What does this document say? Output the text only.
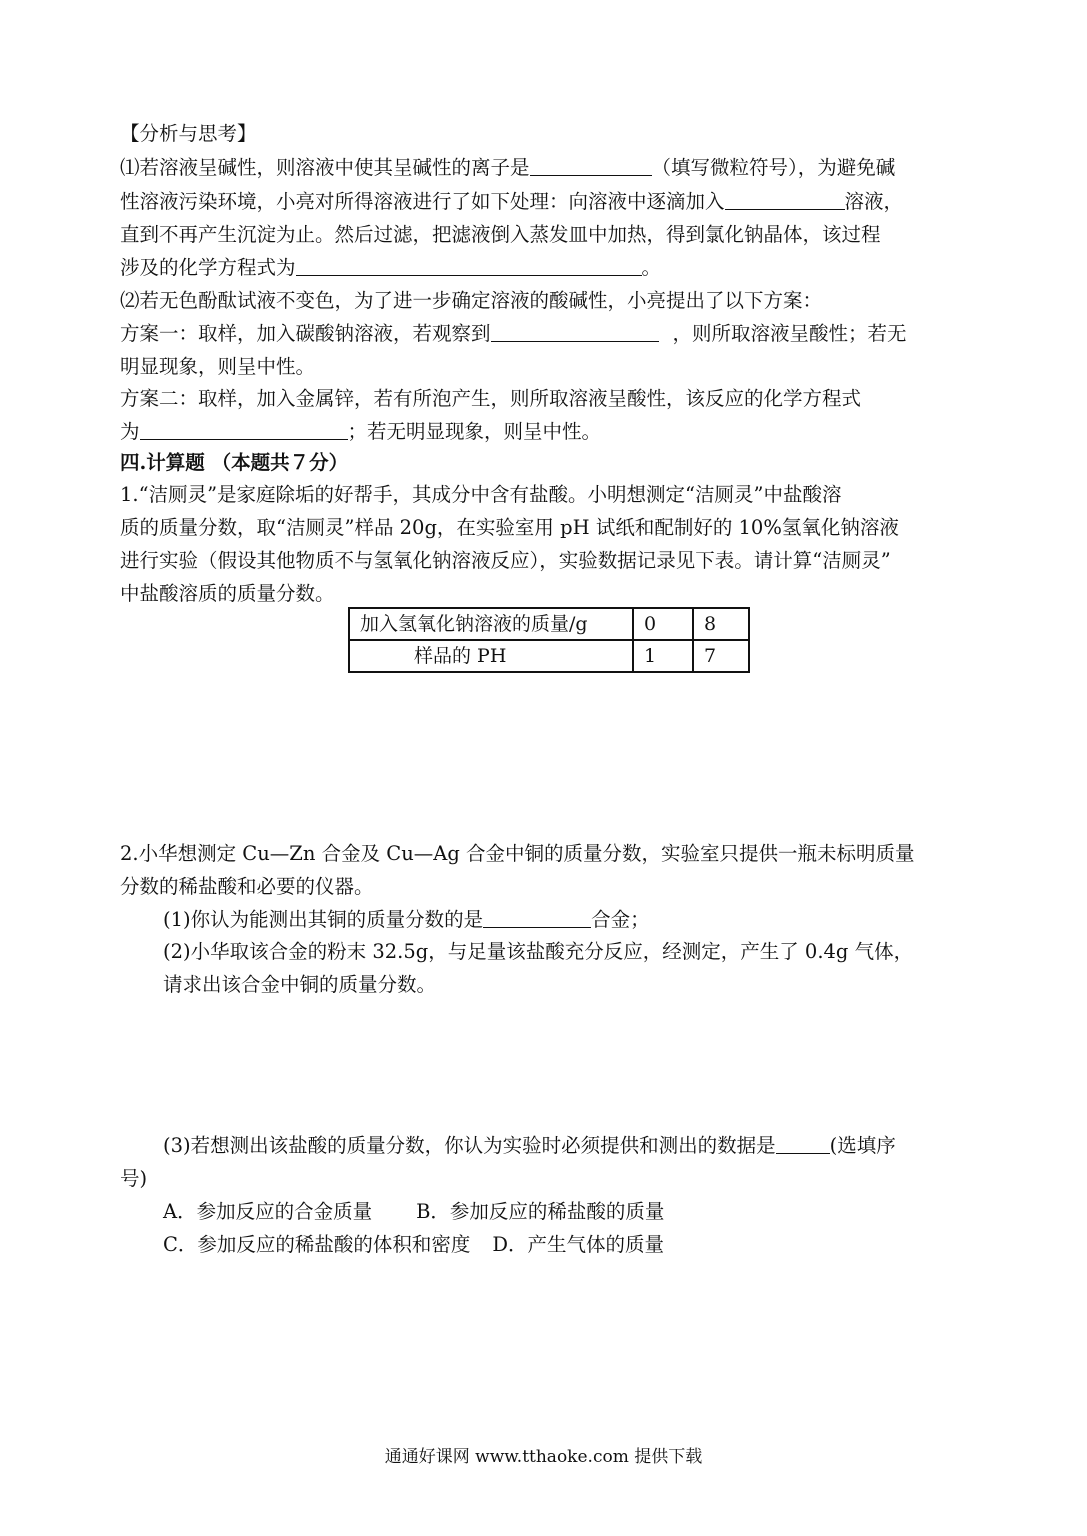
【分析与思考】
⑴若溶液呈碱性，则溶液中使其呈碱性的离子是	（填写微粒符号），为避免碱
性溶液污染环境，小亮对所得溶液进行了如下处理：向溶液中逐滴加入	溶液，
直到不再产生沉淀为止。然后过滤，把滤液倒入蒸发皿中加热，得到氯化钠晶体，该过程
涉及的化学方程式为	。
⑵若无色酚酞试液不变色，为了进一步确定溶液的酸碱性，小亮提出了以下方案：
方案一：取样，加入碳酸钠溶液，若观察到	，则所取溶液呈酸性；若无
明显现象，则呈中性。
方案二：取样，加入金属锌，若有所泡产生，则所取溶液呈酸性，该反应的化学方程式
为	；若无明显现象，则呈中性。
四.计算题 （本题共７分）
1.“洁厕灵”是家庭除垢的好帮手，其成分中含有盐酸。小明想测定“洁厕灵”中盐酸溶
质的质量分数，取“洁厕灵”样品 20g，在实验室用 pH 试纸和配制好的 10%氢氧化钠溶液
进行实验（假设其他物质不与氢氧化钠溶液反应），实验数据记录见下表。请计算“洁厕灵”
中盐酸溶质的质量分数。
加入氢氧化钠溶液的质量/g	0	8
样品的 PH	1	7
2.小华想测定 Cu—Zn 合金及 Cu—Ag 合金中铜的质量分数，实验室只提供一瓶未标明质量
分数的稀盐酸和必要的仪器。
(1)你认为能测出其铜的质量分数的是	合金；
(2)小华取该合金的粉末 32.5g，与足量该盐酸充分反应，经测定，产生了 0.4g 气体，
请求出该合金中铜的质量分数。
(3)若想测出该盐酸的质量分数，你认为实验时必须提供和测出的数据是	(选填序
号)
A．参加反应的合金质量 B．参加反应的稀盐酸的质量
C．参加反应的稀盐酸的体积和密度 D．产生气体的质量
通通好课网 www.tthaoke.com 提供下载
